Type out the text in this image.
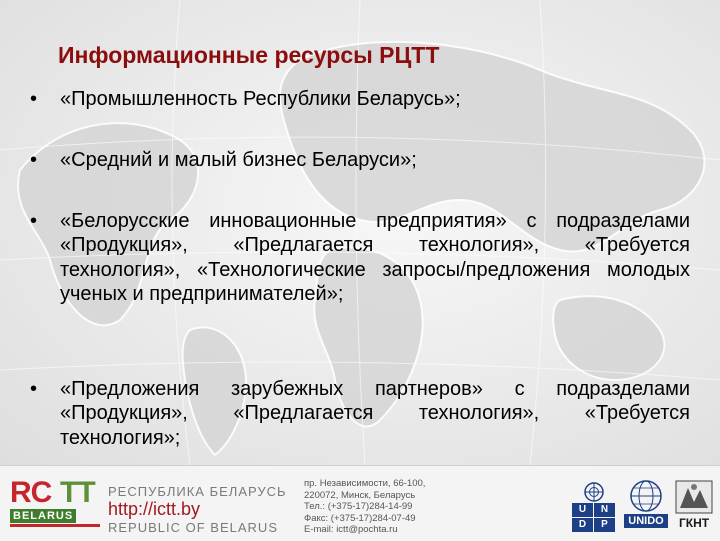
Информационные ресурсы РЦТТ
• «Промышленность Республики Беларусь»;
• «Средний и малый бизнес Беларуси»;
• «Белорусские инновационные предприятия» с подразделами «Продукция», «Предлагается технология», «Требуется технология», «Технологические запросы/предложения молодых ученых и предпринимателей»;
• «Предложения зарубежных партнеров» с подразделами «Продукция», «Предлагается технология», «Требуется технология»;
RC TT
BELARUS
РЕСПУБЛИКА БЕЛАРУСЬ
http://ictt.by
REPUBLIC OF BELARUS
пр. Независимости, 66-100,
220072, Минск, Беларусь
Тел.: (+375-17)284-14-99
Факс: (+375-17)284-07-49
E-mail: ictt@pochta.ru
U	N
D	P	UNIDO	ГКНТ
